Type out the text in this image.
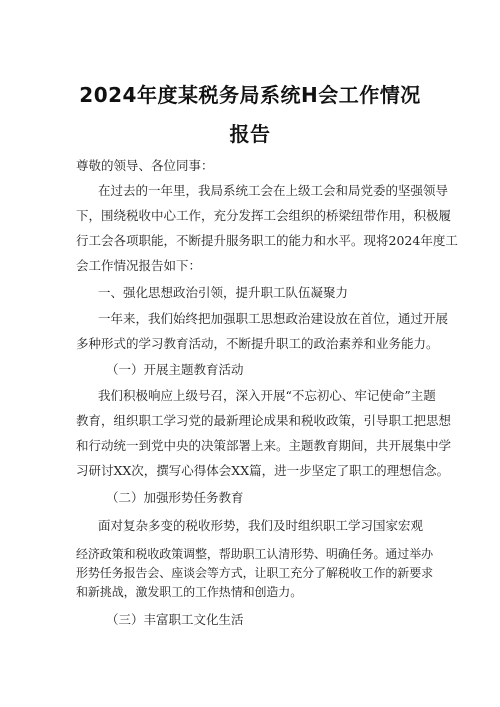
2024年度某税务局系统H会工作情况
报告
尊敬的领导、各位同事：
在过去的一年里，我局系统工会在上级工会和局党委的坚强领导
下，围绕税收中心工作，充分发挥工会组织的桥梁纽带作用，积极履
行工会各项职能，不断提升服务职工的能力和水平。现将2024年度工
会工作情况报告如下：
一、强化思想政治引领，提升职工队伍凝聚力
一年来，我们始终把加强职工思想政治建设放在首位，通过开展
多种形式的学习教育活动，不断提升职工的政治素养和业务能力。
（一）开展主题教育活动
我们积极响应上级号召，深入开展“不忘初心、牢记使命”主题
教育，组织职工学习党的最新理论成果和税收政策，引导职工把思想
和行动统一到党中央的决策部署上来。主题教育期间，共开展集中学
习研讨XX次，撰写心得体会XX篇，进一步坚定了职工的理想信念。
（二）加强形势任务教育
面对复杂多变的税收形势，我们及时组织职工学习国家宏观
经济政策和税收政策调整，帮助职工认清形势、明确任务。通过举办
形势任务报告会、座谈会等方式，让职工充分了解税收工作的新要求
和新挑战，激发职工的工作热情和创造力。
（三）丰富职工文化生活
